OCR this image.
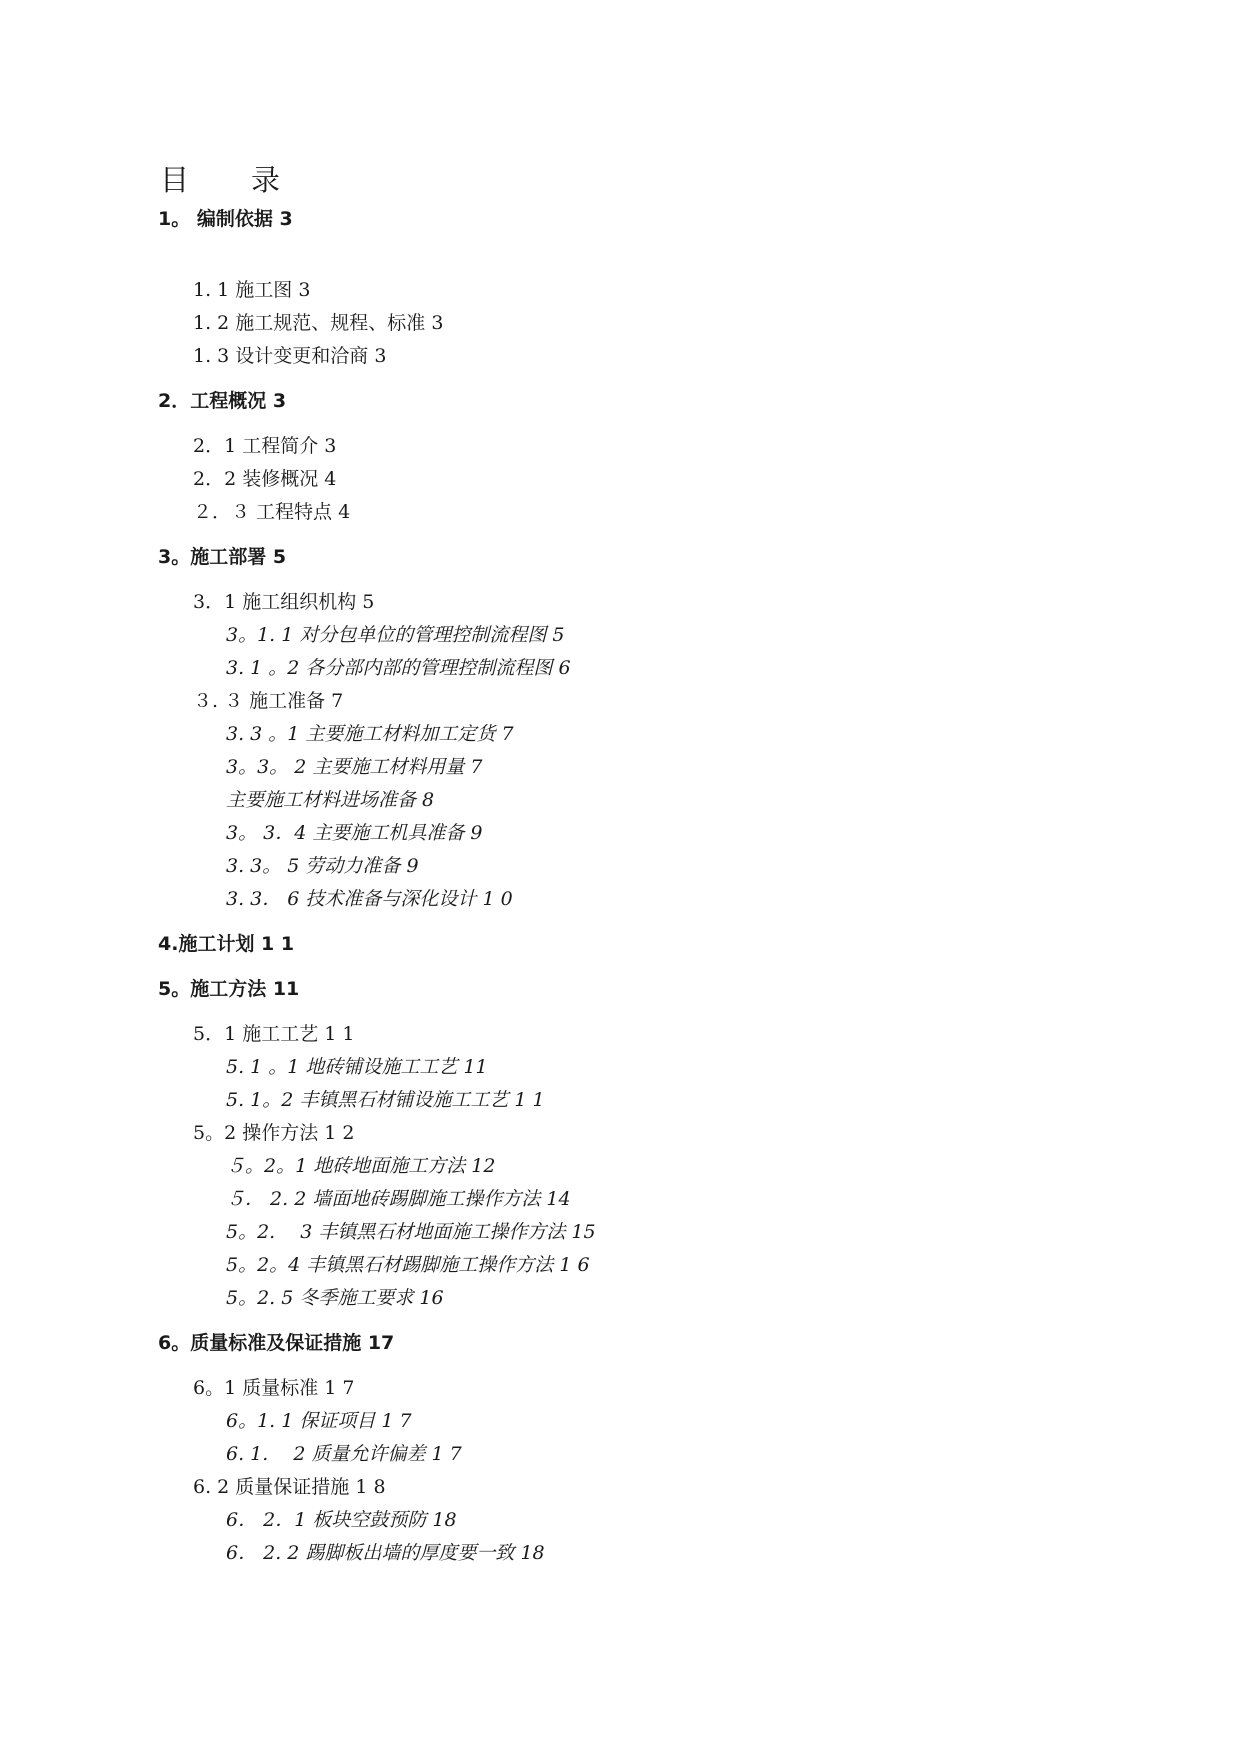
目 录
1。 编制依据 3
1. 1 施工图 3
1. 2 施工规范、规程、标准 3
1. 3 设计变更和洽商 3
2．工程概况 3
2．1 工程简介 3
2．2 装修概况 4
２．３ 工程特点 4
3。施工部署 5
3．1 施工组织机构 5
3。1. 1 对分包单位的管理控制流程图 5
3. 1 。2 各分部内部的管理控制流程图 6
３. ３ 施工准备 7
3. 3 。1 主要施工材料加工定货 7
3。3。 2 主要施工材料用量 7
主要施工材料进场准备 8
3。 3．4 主要施工机具准备 9
3. 3。 5 劳动力准备 9
3. 3． 6 技术准备与深化设计 1 0
4.施工计划 1 1
5。施工方法 11
5．1 施工工艺 1 1
5. 1 。1 地砖铺设施工工艺 11
5. 1。2 丰镇黑石材铺设施工工艺 1 1
5。2 操作方法 1 2
５。2。1 地砖地面施工方法 12
５． 2. 2 墙面地砖踢脚施工操作方法 14
5。2. 　3 丰镇黑石材地面施工操作方法 15
5。2。4 丰镇黑石材踢脚施工操作方法 1 6
5。2. 5 冬季施工要求 16
6。质量标准及保证措施 17
6。1 质量标准 1 7
6。1. 1 保证项目 1 7
6. 1. 　2 质量允许偏差 1 7
6. 2 质量保证措施 1 8
6． 2．1 板块空鼓预防 18
6． 2. 2 踢脚板出墙的厚度要一致 18
